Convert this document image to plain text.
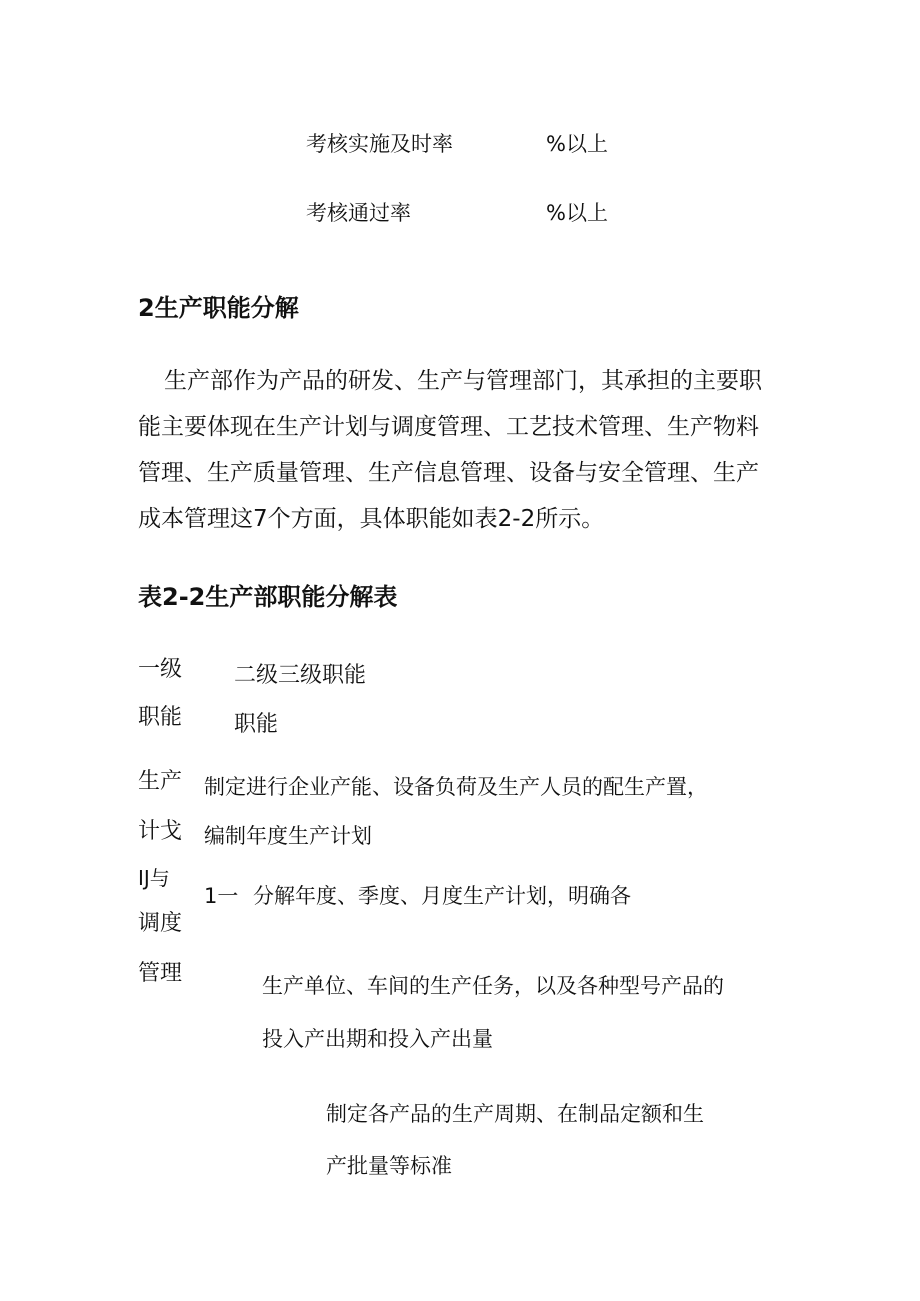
考核实施及时率	%以上
考核通过率	%以上
2生产职能分解

生产部作为产品的研发、生产与管理部门，其承担的主要职

能主要体现在生产计划与调度管理、工艺技术管理、生产物料

管理、生产质量管理、生产信息管理、设备与安全管理、生产

成本管理这7个方面，具体职能如表2-2所示。

表2-2生产部职能分解表
一级
职能
二级三级职能
职能
生产
计戈
IJ与
调度
管理
制定进行企业产能、设备负荷及生产人员的配生产置，
编制年度生产计划
1一 分解年度、季度、月度生产计划，明确各
生产单位、车间的生产任务，以及各种型号产品的
投入产出期和投入产出量
制定各产品的生产周期、在制品定额和生
产批量等标准
